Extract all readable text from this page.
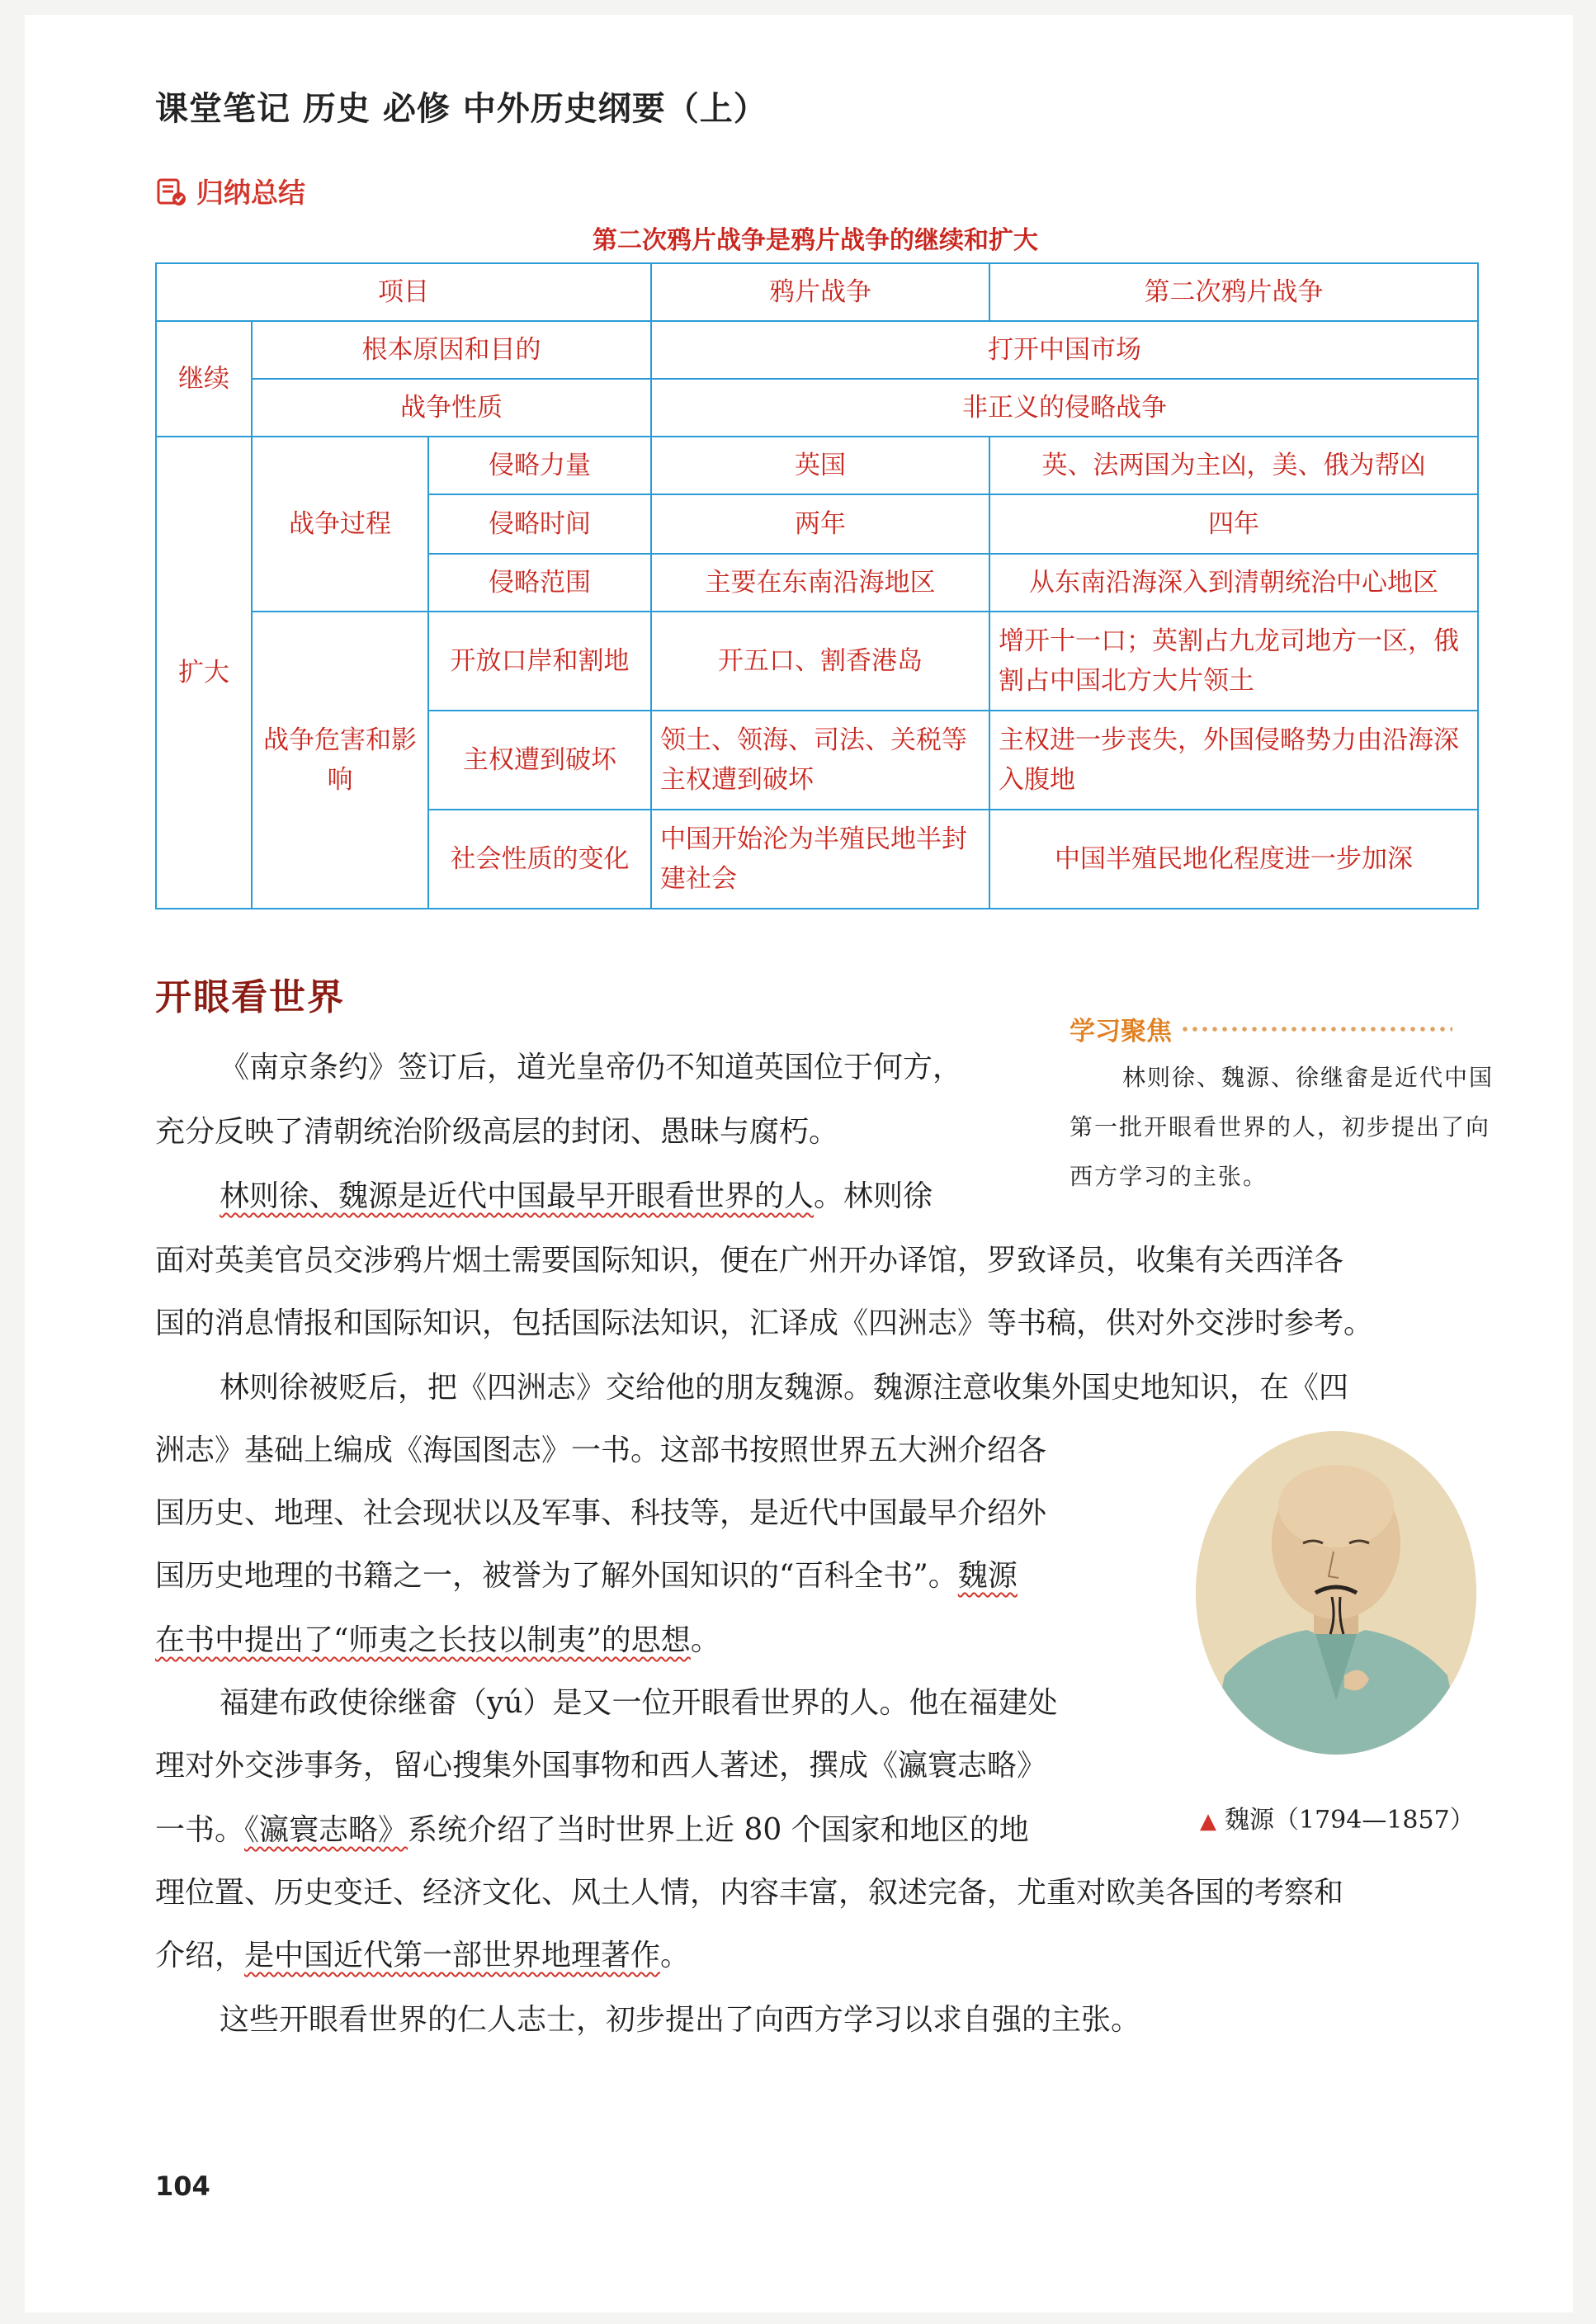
课堂笔记 历史 必修 中外历史纲要（上）
归纳总结
第二次鸦片战争是鸦片战争的继续和扩大
项目			鸦片战争	第二次鸦片战争
继续	根本原因和目的		打开中国市场	
	战争性质		非正义的侵略战争	
扩大	战争过程	侵略力量	英国	英、法两国为主凶，美、俄为帮凶
		侵略时间	两年	四年
		侵略范围	主要在东南沿海地区	从东南沿海深入到清朝统治中心地区
	战争危害和影响	开放口岸和割地	开五口、割香港岛	增开十一口；英割占九龙司地方一区，俄割占中国北方大片领土
		主权遭到破坏	领土、领海、司法、关税等主权遭到破坏	主权进一步丧失，外国侵略势力由沿海深入腹地
		社会性质的变化	中国开始沦为半殖民地半封建社会	中国半殖民地化程度进一步加深
开眼看世界
学习聚焦
林则徐、魏源、徐继畲是近代中国第一批开眼看世界的人，初步提出了向西方学习的主张。
《南京条约》签订后，道光皇帝仍不知道英国位于何方，
充分反映了清朝统治阶级高层的封闭、愚昧与腐朽。
林则徐、魏源是近代中国最早开眼看世界的人。林则徐
面对英美官员交涉鸦片烟土需要国际知识，便在广州开办译馆，罗致译员，收集有关西洋各
国的消息情报和国际知识，包括国际法知识，汇译成《四洲志》等书稿，供对外交涉时参考。
林则徐被贬后，把《四洲志》交给他的朋友魏源。魏源注意收集外国史地知识，在《四
洲志》基础上编成《海国图志》一书。这部书按照世界五大洲介绍各
国历史、地理、社会现状以及军事、科技等，是近代中国最早介绍外
国历史地理的书籍之一，被誉为了解外国知识的“百科全书”。魏源
在书中提出了“师夷之长技以制夷”的思想。
福建布政使徐继畲（yú）是又一位开眼看世界的人。他在福建处
理对外交涉事务，留心搜集外国事物和西人著述，撰成《瀛寰志略》
一书。《瀛寰志略》系统介绍了当时世界上近 80 个国家和地区的地
理位置、历史变迁、经济文化、风土人情，内容丰富，叙述完备，尤重对欧美各国的考察和
介绍，是中国近代第一部世界地理著作。
这些开眼看世界的仁人志士，初步提出了向西方学习以求自强的主张。
▲ 魏源（1794—1857）
104
